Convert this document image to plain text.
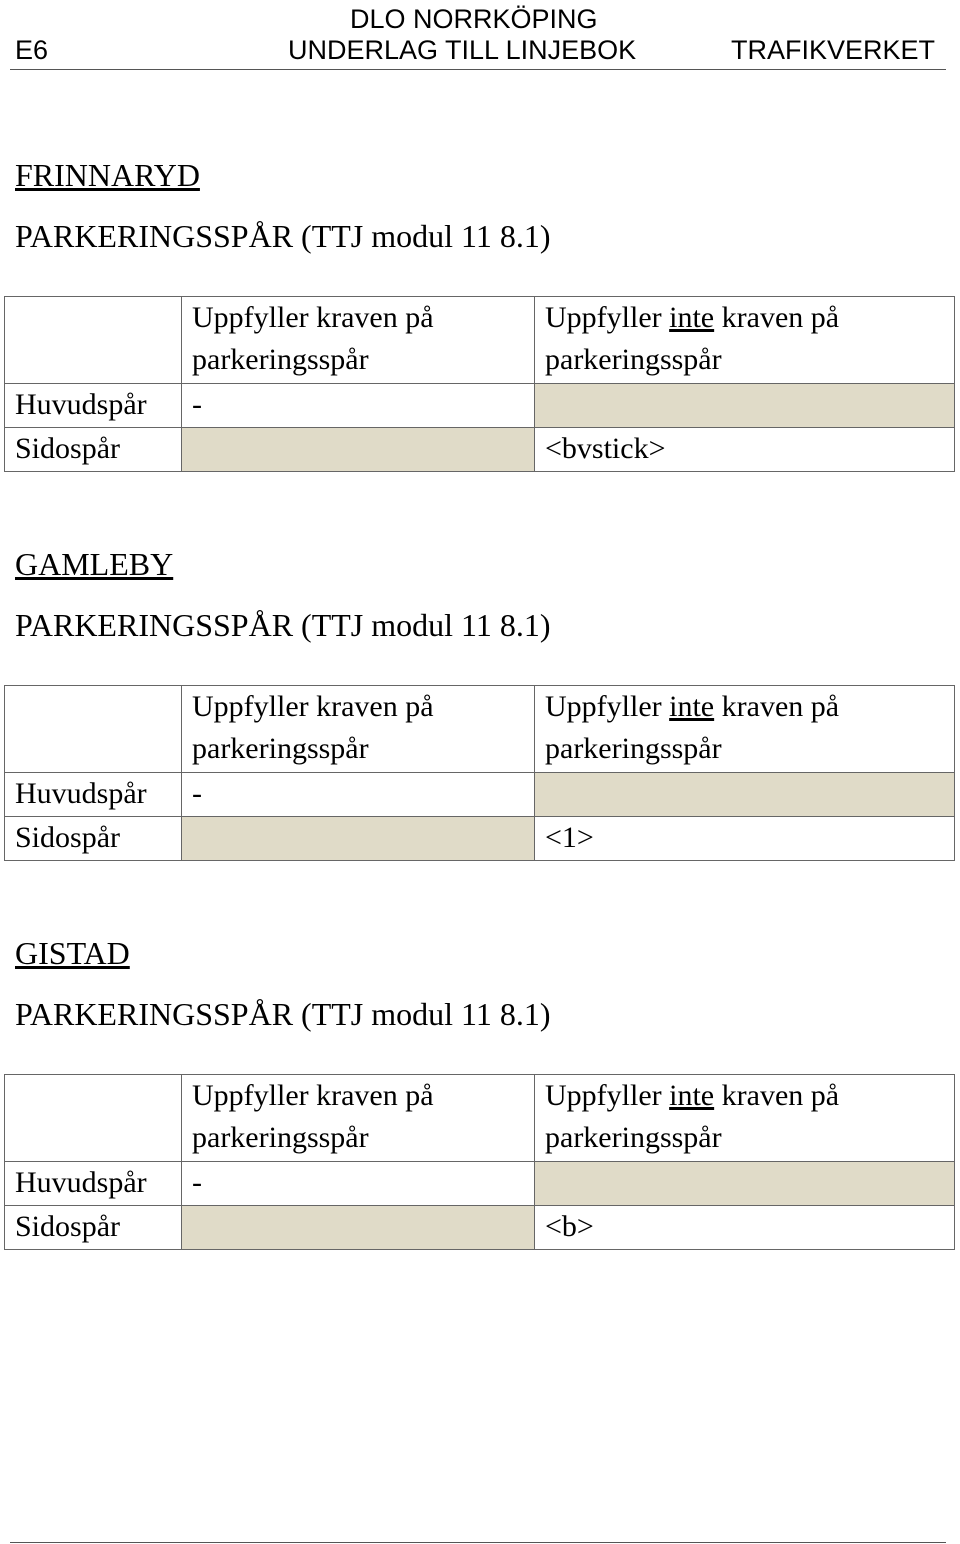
E6
DLO NORRKÖPING
UNDERLAG TILL LINJEBOK	TRAFIKVERKET
FRINNARYD
PARKERINGSSPÅR (TTJ modul 11 8.1)
	Uppfyller kraven på parkeringsspår	Uppfyller inte kraven på parkeringsspår
Huvudspår	-	
Sidospår		<bvstick>
GAMLEBY
PARKERINGSSPÅR (TTJ modul 11 8.1)
	Uppfyller kraven på parkeringsspår	Uppfyller inte kraven på parkeringsspår
Huvudspår	-	
Sidospår		<1>
GISTAD
PARKERINGSSPÅR (TTJ modul 11 8.1)
	Uppfyller kraven på parkeringsspår	Uppfyller inte kraven på parkeringsspår
Huvudspår	-	
Sidospår		<b>
